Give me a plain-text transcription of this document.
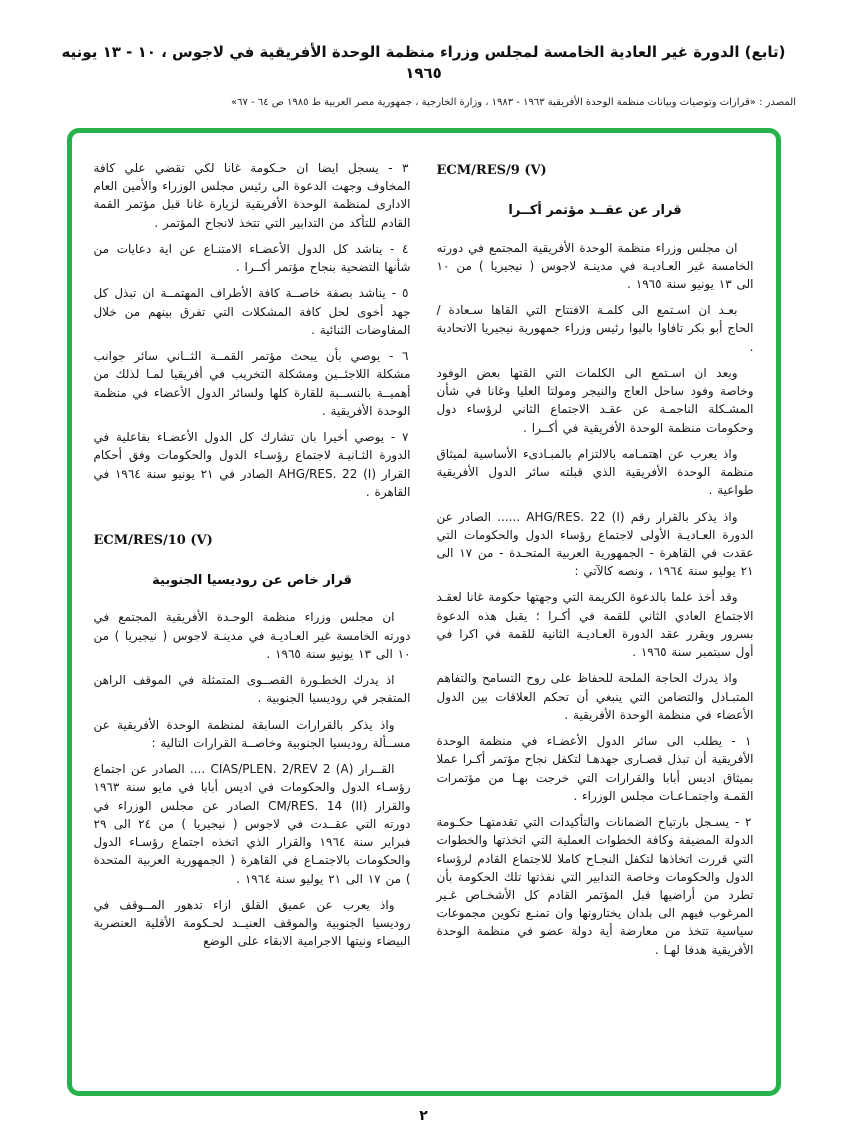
(تابع) الدورة غير العادية الخامسة لمجلس وزراء منظمة الوحدة الأفريقية في لاجوس ، ١٠ - ١٣ يونيه ١٩٦٥
المصدر : «قرارات وتوصيات وبيانات منظمة الوحدة الأفريقية ١٩٦٣ - ١٩٨٣ ، وزارة الخارجية ، جمهورية مصر العربية ط ١٩٨٥ ص ٦٤ - ٦٧»
ECM/RES/9 (V)
قرار عن عقــد مؤتمر أكــرا

ان مجلس وزراء منظمة الوحدة الأفريقية المجتمع في دورته الخامسة غير العـاديـة في مدينـة لاجوس ( نيجيريا ) من ١٠ الى ١٣ يونيو سنة ١٩٦٥ .

بعـد ان اسـتمع الى كلمـة الافتتاح التي القاها سـعادة / الحاج أبو بكر تافاوا باليوا رئيس وزراء جمهورية نيجيريا الاتحادية .

وبعد ان اسـتمع الى الكلمات التي القتها بعض الوفود وخاصة وفود ساحل العاج والنيجر ومولتا العليا وغانا في شأن المشـكلة الناجمـة عن عقـد الاجتماع الثاني لرؤساء دول وحكومات منظمة الوحدة الأفريقية في أكــرا .

واذ يعرب عن اهتمـامه بالالتزام بالمبـادىء الأساسية لميثاق منظمة الوحدة الأفريقية الذي قبلته سائر الدول الأفريقية طواعية .

واذ يذكر بالقرار رقم AHG/RES. 22 (I) ...... الصادر عن الدورة العـاديـة الأولى لاجتماع رؤساء الدول والحكومات التي عقدت في القاهرة - الجمهورية العربية المتحـدة - من ١٧ الى ٢١ يوليو سنة ١٩٦٤ ، ونصه كالآتي :

وقد أخذ علما بالدعوة الكريمة التي وجهتها حكومة غانا لعقـد الاجتماع العادي الثاني للقمة في أكـرا ؛ يقبل هذه الدعوة بسرور ويقرر عقد الدورة العـاديـة الثانية للقمة في اكرا في أول سبتمبر سنة ١٩٦٥ .

واذ يدرك الحاجة الملحة للحفاظ على روح التسامح والتفاهم المتبـادل والتضامن التي ينبغي أن تحكم العلاقات بين الدول الأعضاء في منظمة الوحدة الأفريقية .

١ - يطلب الى سائر الدول الأعضـاء في منظمة الوحدة الأفريقية أن تبذل قصـارى جهدهـا لتكفل نجاح مؤتمر أكـرا عملا بميثاق اديس أبابا والقرارات التي خرجت بهـا من مؤتمرات القمـة واجتمـاعـات مجلس الوزراء .

٢ - يسـجل بارتياح الضمانات والتأكيدات التي تقدمتهـا حكـومة الدولة المضيفة وكافة الخطوات العملية التي اتخذتها والخطوات التي قررت اتخاذها لتكفل النجـاح كاملا للاجتماع القادم لرؤساء الدول والحكومات وخاصة التدابير التي نفذتها تلك الحكومة بأن تطرد من أراضيها قبل المؤتمر القادم كل الأشخـاص غـير المرغوب فيهم الى بلدان يختارونها وان تمنـع تكوين مجموعات سياسية تتخذ من معارضة أية دولة عضو في منظمة الوحدة الأفريقية هدفا لهـا .

٣ - يسجل ايضا ان حـكومة غانا لكي تقضي علي كافة المخاوف وجهت الدعوة الى رئيس مجلس الوزراء والأمين العام الادارى لمنظمة الوحدة الأفريقية لزيارة غانا قبل مؤتمر القمة القادم للتأكد من التدابير التي تتخذ لانجاح المؤتمر .

٤ - يناشد كل الدول الأعضـاء الامتنـاع عن اية دعايات من شأنها التضحية بنجاح مؤتمر أكــرا .

٥ - يناشد بصفة خاصــة كافة الأطراف المهتمــة ان تبذل كل جهد أخوى لحل كافة المشكلات التي تفرق بينهم من خلال المفاوضات الثنائية .

٦ - يوصي بأن يبحث مؤتمر القمــة الثــاني سائر جوانب مشكلة اللاجئــين ومشكلة التخريب في أفريقيا لمـا لذلك من أهميــة بالنســبة للقارة كلها ولسائر الدول الأعضاء في منظمة الوحدة الأفريقية .

٧ - يوصي أخيرا بان تشارك كل الدول الأعضـاء بفاعلية في الدورة الثـانيـة لاجتماع رؤسـاء الدول والحكومات وفق أحكام القرار AHG/RES. 22 (I) الصادر في ٢١ يونيو سنة ١٩٦٤ في القاهرة .

ECM/RES/10 (V)
قرار خاص عن روديسيا الجنوبية

ان مجلس وزراء منظمة الوحـدة الأفريقية المجتمع في دورته الخامسة غير العـاديـة في مدينـة لاجوس ( نيجيريا ) من ١٠ الى ١٣ يونيو سنة ١٩٦٥ .

اذ يدرك الخطـورة القصــوى المتمثلة في الموقف الراهن المتفجر في روديسيا الجنوبية .

واذ يذكر بالقرارات السابقة لمنظمة الوحدة الأفريقية عن مســألة روديسيا الجنوبية وخاصــة القرارات التالية :

القــرار CIAS/PLEN. 2/REV 2 (A) .... الصادر عن اجتماع رؤسـاء الدول والحكومات في اديس أبابا في مايو سنة ١٩٦٣ والقرار CM/RES. 14 (II) الصادر عن مجلس الوزراء في دورته التي عقــدت في لاجوس ( نيجيريا ) من ٢٤ الى ٢٩ فبراير سنة ١٩٦٤ والقرار الذي اتخذه اجتماع رؤسـاء الدول والحكومات بالاجتمـاع في القاهرة ( الجمهورية العربية المتحدة ) من ١٧ الى ٢١ يوليو سنة ١٩٦٤ .

واذ يعرب عن عميق القلق ازاء تدهور المــوقف في روديسيا الجنوبية والموقف العنيــد لحـكومة الأقلية العنصرية البيضاء ونيتها الاجرامية الابقاء على الوضع

٢
